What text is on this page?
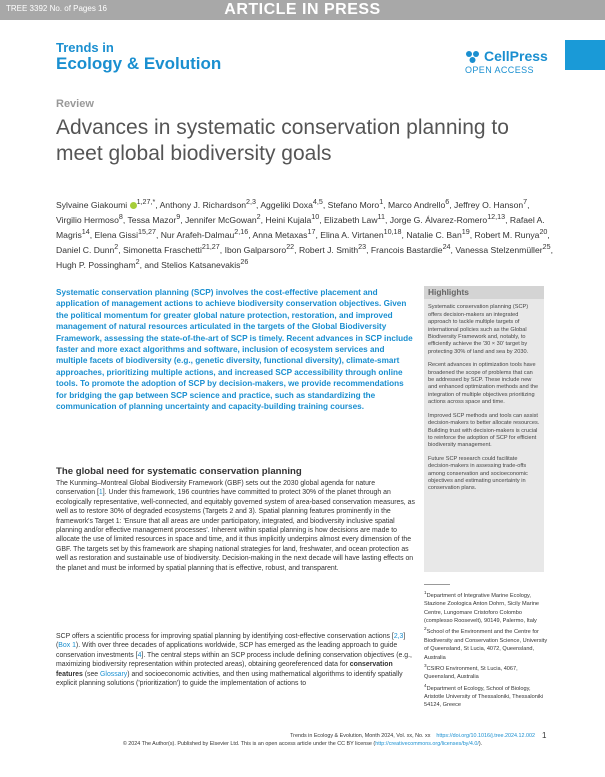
TREE 3392 No. of Pages 16	ARTICLE IN PRESS
Trends in
Ecology & Evolution	CellPress
OPEN ACCESS
Review
Advances in systematic conservation planning to meet global biodiversity goals
Sylvaine Giakoumi $^{1,27,*}$, Anthony J. Richardson$^{2,3}$, Aggeliki Doxa$^{4,5}$, Stefano Moro$^1$, Marco Andrello$^6$, Jeffrey O. Hanson$^7$, Virgilio Hermoso$^8$, Tessa Mazor$^9$, Jennifer McGowan$^2$, Heini Kujala$^{10}$, Elizabeth Law$^{11}$, Jorge G. Álvarez-Romero$^{12,13}$, Rafael A. Magris$^{14}$, Elena Gissi$^{15,27}$, Nur Arafeh-Dalmau$^{2,16}$, Anna Metaxas$^{17}$, Elina A. Virtanen$^{10,18}$, Natalie C. Ban$^{19}$, Robert M. Runya$^{20}$, Daniel C. Dunn$^2$, Simonetta Fraschetti$^{21,27}$, Ibon Galparsoro$^{22}$, Robert J. Smith$^{23}$, Francois Bastardie$^{24}$, Vanessa Stelzenmüller$^{25}$, Hugh P. Possingham$^2$, and Stelios Katsanevakis$^{26}$
Systematic conservation planning (SCP) involves the cost-effective placement and application of management actions to achieve biodiversity conservation objectives. Given the political momentum for greater global nature protection, restoration, and improved management of natural resources articulated in the targets of the Global Biodiversity Framework, assessing the state-of-the-art of SCP is timely. Recent advances in SCP include faster and more exact algorithms and software, inclusion of ecosystem services and multiple facets of biodiversity (e.g., genetic diversity, functional diversity), climate-smart approaches, prioritizing multiple actions, and increased SCP accessibility through online tools. To promote the adoption of SCP by decision-makers, we provide recommendations for bridging the gap between SCP science and practice, such as standardizing the communication of planning uncertainty and capacity-building training courses.
Highlights

Systematic conservation planning (SCP) offers decision-makers an integrated approach to tackle multiple targets of international policies such as the Global Biodiversity Framework and, notably, to efficiently achieve the '30 × 30' target by protecting 30% of land and sea by 2030.

Recent advances in optimization tools have broadened the scope of problems that can be addressed by SCP. These include new and enhanced optimization methods and the integration of multiple objectives prioritizing actions across space and time.

Improved SCP methods and tools can assist decision-makers to better allocate resources. Building trust with decision-makers is crucial to reinforce the adoption of SCP for efficient biodiversity management.

Future SCP research could facilitate decision-makers in assessing trade-offs among conservation and socioeconomic objectives and estimating uncertainty in conservation plans.

The global need for systematic conservation planning
The Kunming–Montreal Global Biodiversity Framework (GBF) sets out the 2030 global agenda for nature conservation [1]. Under this framework, 196 countries have committed to protect 30% of the planet through an ecologically representative, well-connected, and equitably governed system of area-based conservation measures, as well as to restore 30% of degraded ecosystems (Targets 2 and 3). Spatial planning features prominently in the framework's Target 1: 'Ensure that all areas are under participatory, integrated, and biodiversity inclusive spatial planning and/or effective management processes'. Inherent within spatial planning is how decisions are made to allocate the use of limited resources in space and time, and it thus implicitly underpins almost every dimension of the GBF. The targets set by this framework are shaping national strategies for land, freshwater, and ocean protection as well as restoration and sustainable use of biodiversity. Decision-making in the next decade will have lasting effects on the planet and must be informed by spatial planning that is effective, robust, and transparent.
SCP offers a scientific process for improving spatial planning by identifying cost-effective conservation actions [2,3] (Box 1). With over three decades of applications worldwide, SCP has emerged as the leading approach to guide conservation investments [4]. The central steps within an SCP process include defining conservation objectives (e.g., maximizing biodiversity representation within protected areas), obtaining georeferenced data for conservation features (see Glossary) and socioeconomic activities, and then using mathematical algorithms to identify spatially explicit planning solutions ('prioritization') to guide the implementation of actions to
$^1$Department of Integrative Marine Ecology, Stazione Zoologica Anton Dohrn, Sicily Marine Centre, Lungomare Cristoforo Colombo (complesso Roosevelt), 90149, Palermo, Italy
$^2$School of the Environment and the Centre for Biodiversity and Conservation Science, University of Queensland, St Lucia, 4072, Queensland, Australia
$^3$CSIRO Environment, St Lucia, 4067, Queensland, Australia
$^4$Department of Ecology, School of Biology, Aristotle University of Thessaloniki, Thessaloniki 54124, Greece
Trends in Ecology & Evolution, Month 2024, Vol. xx, No. xx https://doi.org/10.1016/j.tree.2024.12.002 1
© 2024 The Author(s). Published by Elsevier Ltd. This is an open access article under the CC BY license (http://creativecommons.org/licenses/by/4.0/).
